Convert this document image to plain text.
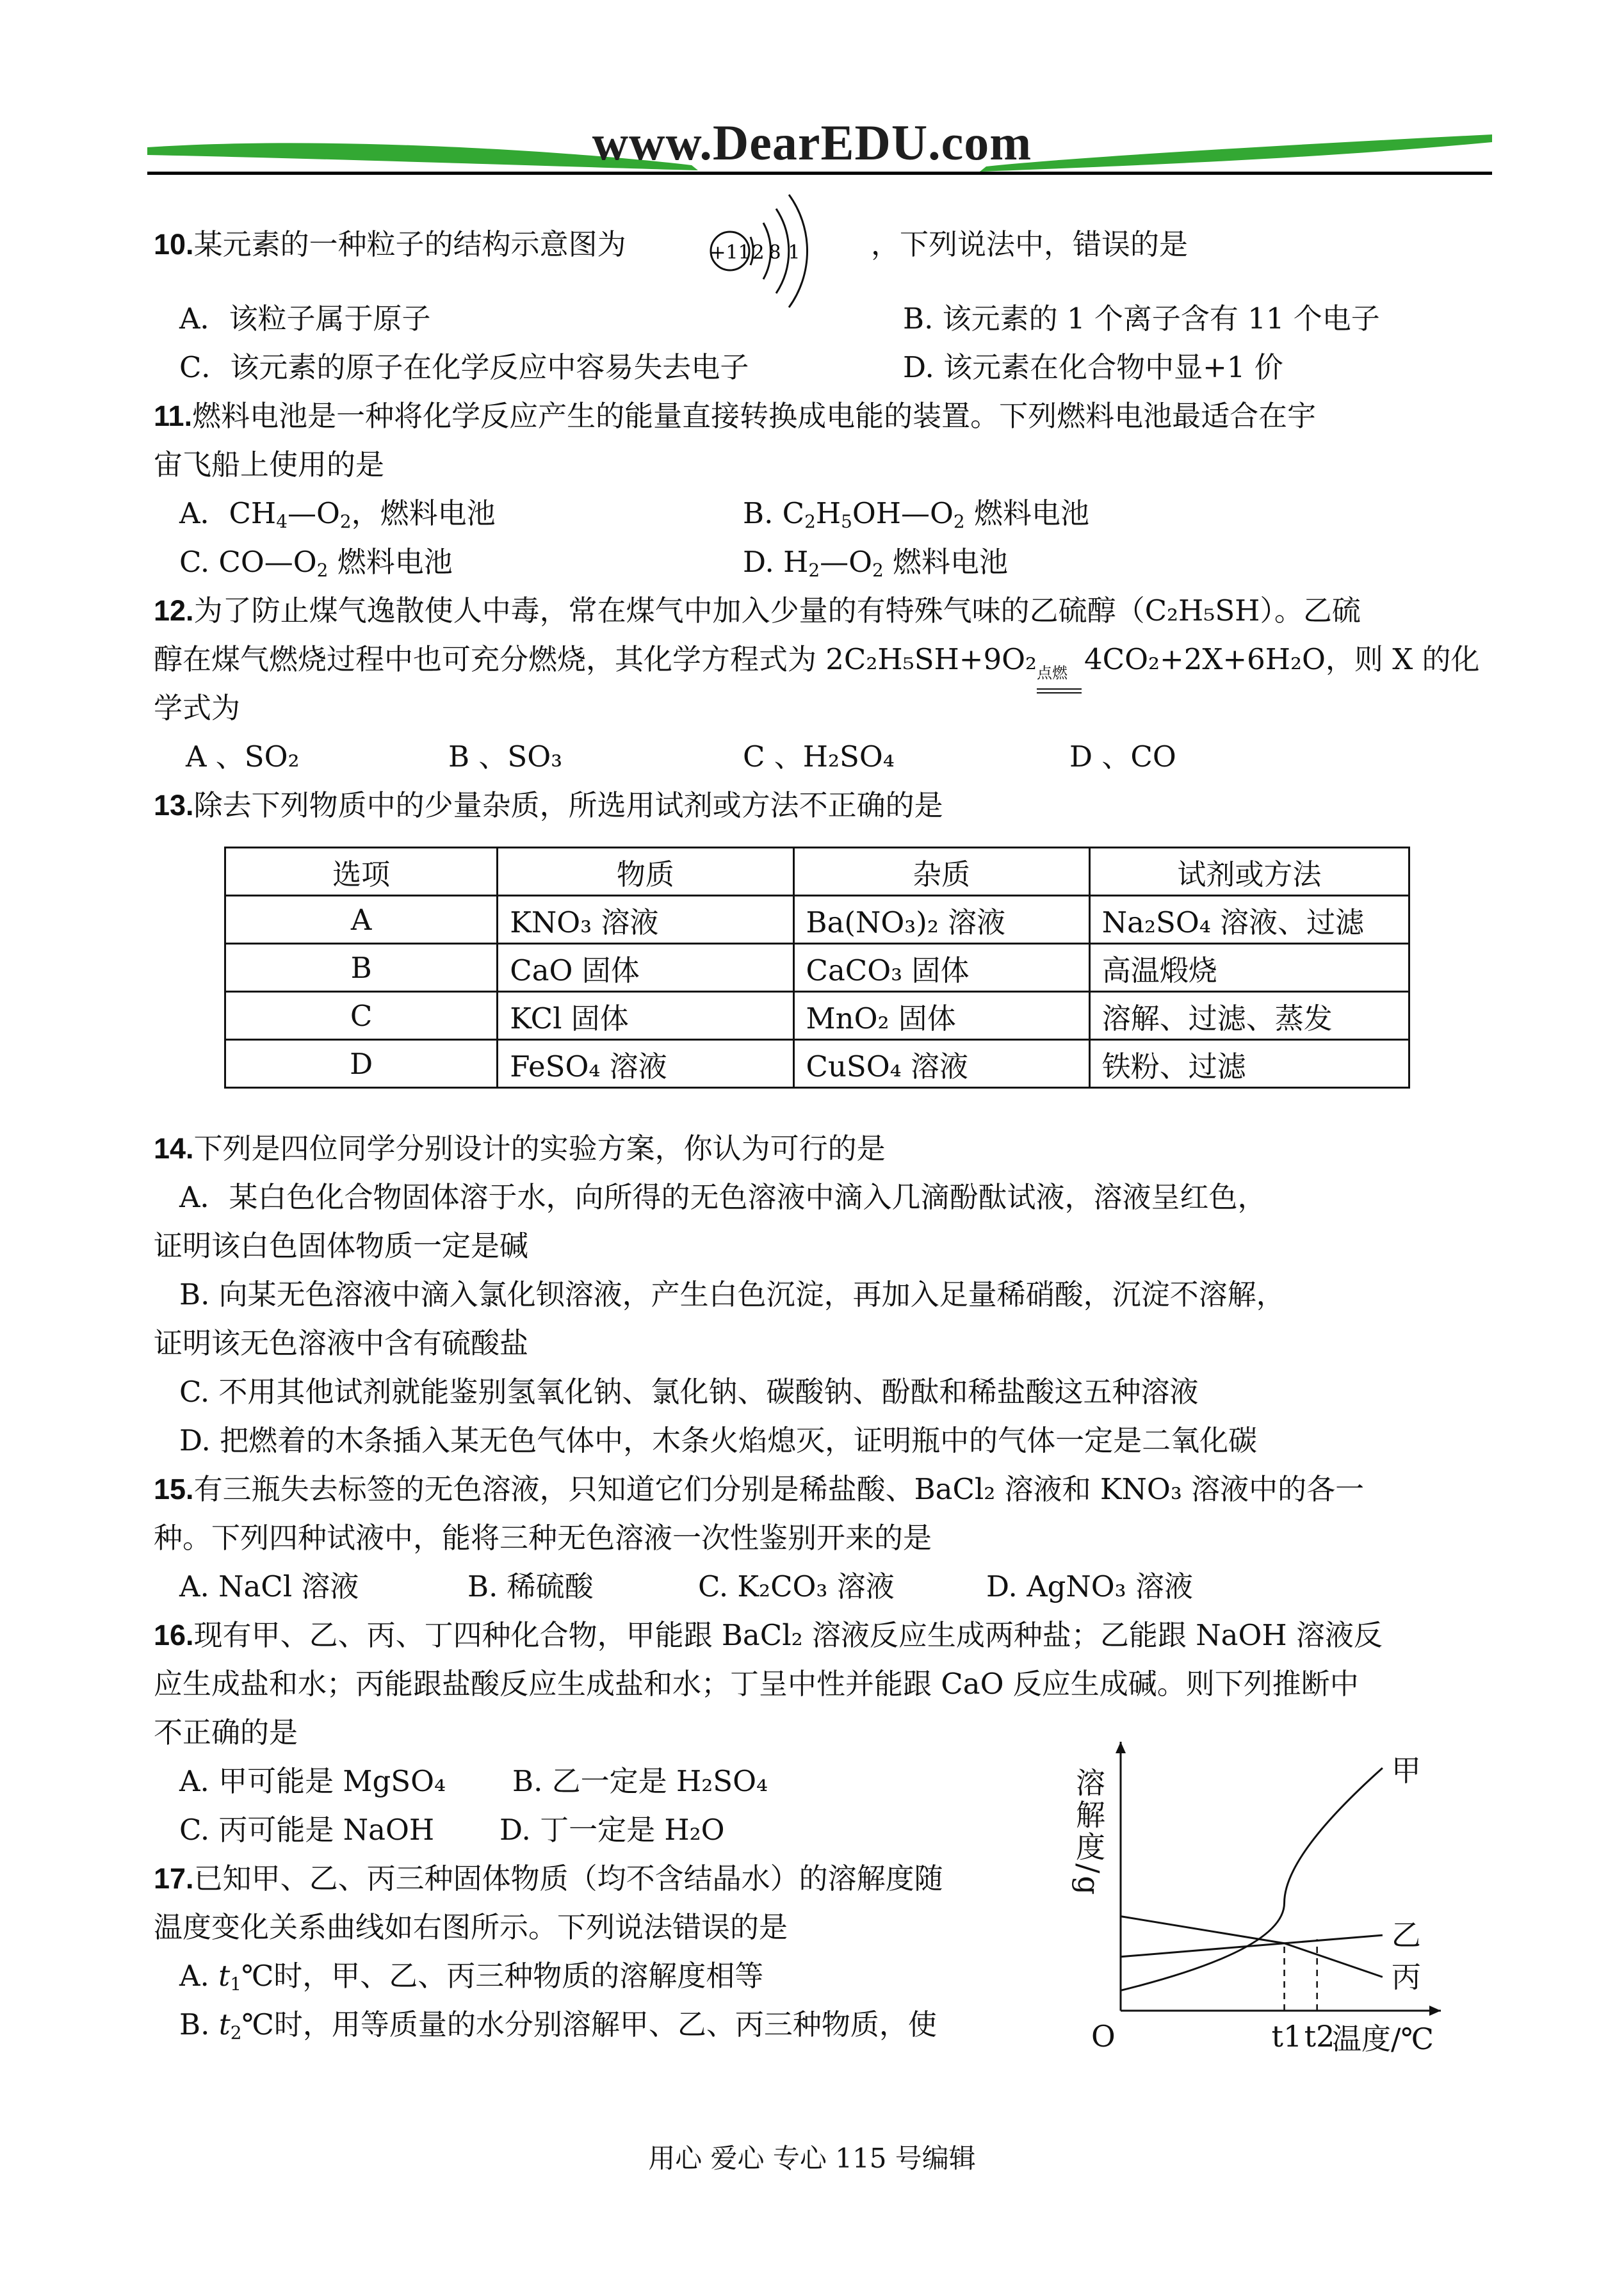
www.DearEDU.com
10.某元素的一种粒子的结构示意图为	，下列说法中，错误的是
+11 2 8 1
A．该粒子属于原子	B. 该元素的 1 个离子含有 11 个电子
C．该元素的原子在化学反应中容易失去电子	D. 该元素在化合物中显+1 价
11.燃料电池是一种将化学反应产生的能量直接转换成电能的装置。下列燃料电池最适合在宇
宙飞船上使用的是
A．$CH_4—O_2$，燃料电池	B. $C_2H_5OH—O_2$ 燃料电池
C. $CO—O_2$ 燃料电池	D. $H_2—O_2$ 燃料电池
12.为了防止煤气逸散使人中毒，常在煤气中加入少量的有特殊气味的乙硫醇（C₂H₅SH）。乙硫
醇在煤气燃烧过程中也可充分燃烧，其化学方程式为 2C₂H₅SH+9O₂ 点燃 4CO₂+2X+6H₂O，则 X 的化
学式为
A 、SO₂	B 、SO₃	C 、H₂SO₄	D 、CO
13.除去下列物质中的少量杂质，所选用试剂或方法不正确的是
选项	物质	杂质	试剂或方法
A	KNO₃ 溶液	Ba(NO₃)₂ 溶液	Na₂SO₄ 溶液、过滤
B	CaO 固体	CaCO₃ 固体	高温煅烧
C	KCl 固体	MnO₂ 固体	溶解、过滤、蒸发
D	FeSO₄ 溶液	CuSO₄ 溶液	铁粉、过滤
14.下列是四位同学分别设计的实验方案，你认为可行的是
A．某白色化合物固体溶于水，向所得的无色溶液中滴入几滴酚酞试液，溶液呈红色，
证明该白色固体物质一定是碱
B. 向某无色溶液中滴入氯化钡溶液，产生白色沉淀，再加入足量稀硝酸，沉淀不溶解，
证明该无色溶液中含有硫酸盐
C. 不用其他试剂就能鉴别氢氧化钠、氯化钠、碳酸钠、酚酞和稀盐酸这五种溶液
D. 把燃着的木条插入某无色气体中，木条火焰熄灭，证明瓶中的气体一定是二氧化碳
15.有三瓶失去标签的无色溶液，只知道它们分别是稀盐酸、BaCl₂ 溶液和 KNO₃ 溶液中的各一
种。下列四种试液中，能将三种无色溶液一次性鉴别开来的是
A. NaCl 溶液	B. 稀硫酸	C. K₂CO₃ 溶液	D. AgNO₃ 溶液
16.现有甲、乙、丙、丁四种化合物，甲能跟 BaCl₂ 溶液反应生成两种盐；乙能跟 NaOH 溶液反
应生成盐和水；丙能跟盐酸反应生成盐和水；丁呈中性并能跟 CaO 反应生成碱。则下列推断中
不正确的是
A. 甲可能是 MgSO₄ B. 乙一定是 H₂SO₄
C. 丙可能是 NaOH D. 丁一定是 H₂O
17.已知甲、乙、丙三种固体物质（均不含结晶水）的溶解度随
温度变化关系曲线如右图所示。下列说法错误的是
A. $t_1℃$时，甲、乙、丙三种物质的溶解度相等
B. $t_2℃$时，用等质量的水分别溶解甲、乙、丙三种物质，使
甲
乙
丙
溶解度/g
温度/℃
O	t1 t2
用心 爱心 专心 115 号编辑
